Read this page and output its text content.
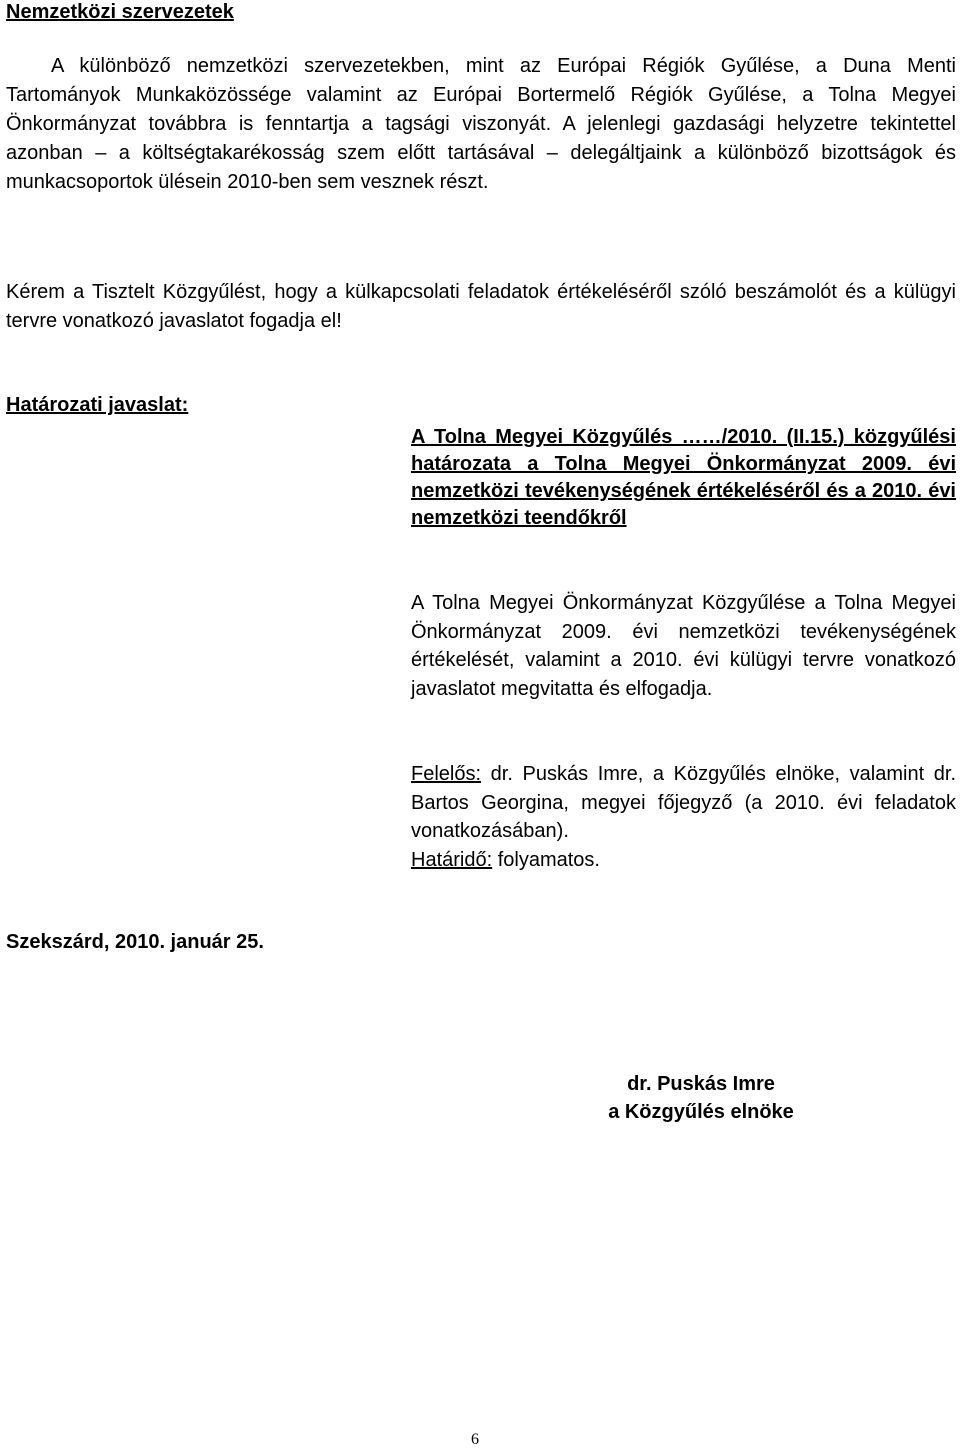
Nemzetközi szervezetek

A különböző nemzetközi szervezetekben, mint az Európai Régiók Gyűlése, a Duna Menti Tartományok Munkaközössége valamint az Európai Bortermelő Régiók Gyűlése, a Tolna Megyei Önkormányzat továbbra is fenntartja a tagsági viszonyát. A jelenlegi gazdasági helyzetre tekintettel azonban – a költségtakarékosság szem előtt tartásával – delegáltjaink a különböző bizottságok és munkacsoportok ülésein 2010-ben sem vesznek részt.

Kérem a Tisztelt Közgyűlést, hogy a külkapcsolati feladatok értékeléséről szóló beszámolót és a külügyi tervre vonatkozó javaslatot fogadja el!

Határozati javaslat:

A Tolna Megyei Közgyűlés ……/2010. (II.15.) közgyűlési határozata a Tolna Megyei Önkormányzat 2009. évi nemzetközi tevékenységének értékeléséről és a 2010. évi nemzetközi teendőkről

A Tolna Megyei Önkormányzat Közgyűlése a Tolna Megyei Önkormányzat 2009. évi nemzetközi tevékenységének értékelését, valamint a 2010. évi külügyi tervre vonatkozó javaslatot megvitatta és elfogadja.

Felelős: dr. Puskás Imre, a Közgyűlés elnöke, valamint dr. Bartos Georgina, megyei főjegyző (a 2010. évi feladatok vonatkozásában).
Határidő: folyamatos.

Szekszárd, 2010. január 25.

dr. Puskás Imre
a Közgyűlés elnöke

6
